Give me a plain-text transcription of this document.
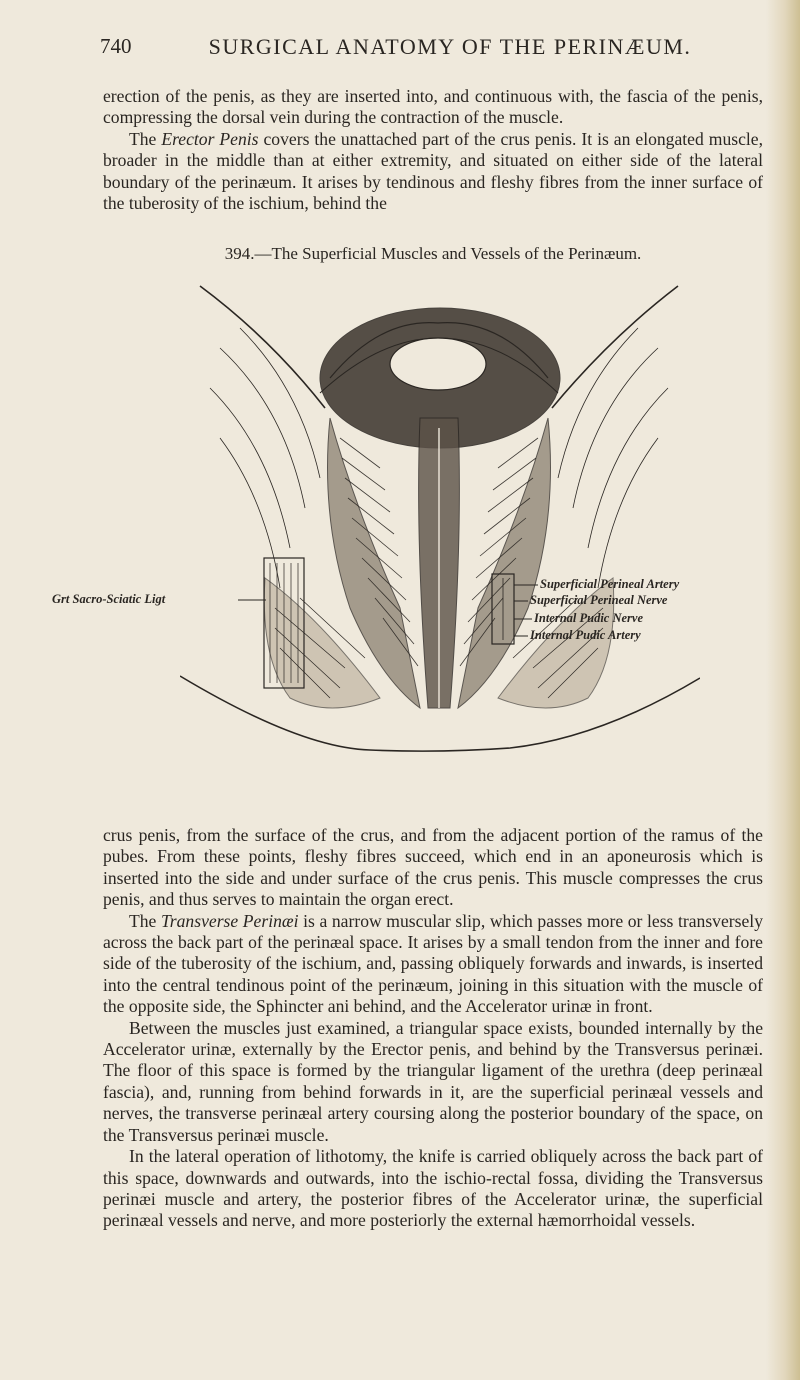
740	SURGICAL ANATOMY OF THE PERINÆUM.

erection of the penis, as they are inserted into, and continuous with, the fascia of the penis, compressing the dorsal vein during the contraction of the muscle.

The Erector Penis covers the unattached part of the crus penis. It is an elongated muscle, broader in the middle than at either extremity, and situated on either side of the lateral boundary of the perinæum. It arises by tendinous and fleshy fibres from the inner surface of the tuberosity of the ischium, behind the

394.—The Superficial Muscles and Vessels of the Perinæum.
Rectum
Grt Sacro-Sciatic Ligt
Superficial Perineal Artery
Superficial Perineal Nerve
Internal Pudic Nerve
Internal Pudic Artery

crus penis, from the surface of the crus, and from the adjacent portion of the ramus of the pubes. From these points, fleshy fibres succeed, which end in an aponeurosis which is inserted into the side and under surface of the crus penis. This muscle compresses the crus penis, and thus serves to maintain the organ erect.

The Transverse Perinæi is a narrow muscular slip, which passes more or less transversely across the back part of the perinæal space. It arises by a small tendon from the inner and fore side of the tuberosity of the ischium, and, passing obliquely forwards and inwards, is inserted into the central tendinous point of the perinæum, joining in this situation with the muscle of the opposite side, the Sphincter ani behind, and the Accelerator urinæ in front.

Between the muscles just examined, a triangular space exists, bounded internally by the Accelerator urinæ, externally by the Erector penis, and behind by the Transversus perinæi. The floor of this space is formed by the triangular ligament of the urethra (deep perinæal fascia), and, running from behind forwards in it, are the superficial perinæal vessels and nerves, the transverse perinæal artery coursing along the posterior boundary of the space, on the Transversus perinæi muscle.

In the lateral operation of lithotomy, the knife is carried obliquely across the back part of this space, downwards and outwards, into the ischio-rectal fossa, dividing the Transversus perinæi muscle and artery, the posterior fibres of the Accelerator urinæ, the superficial perinæal vessels and nerve, and more posteriorly the external hæmorrhoidal vessels.
